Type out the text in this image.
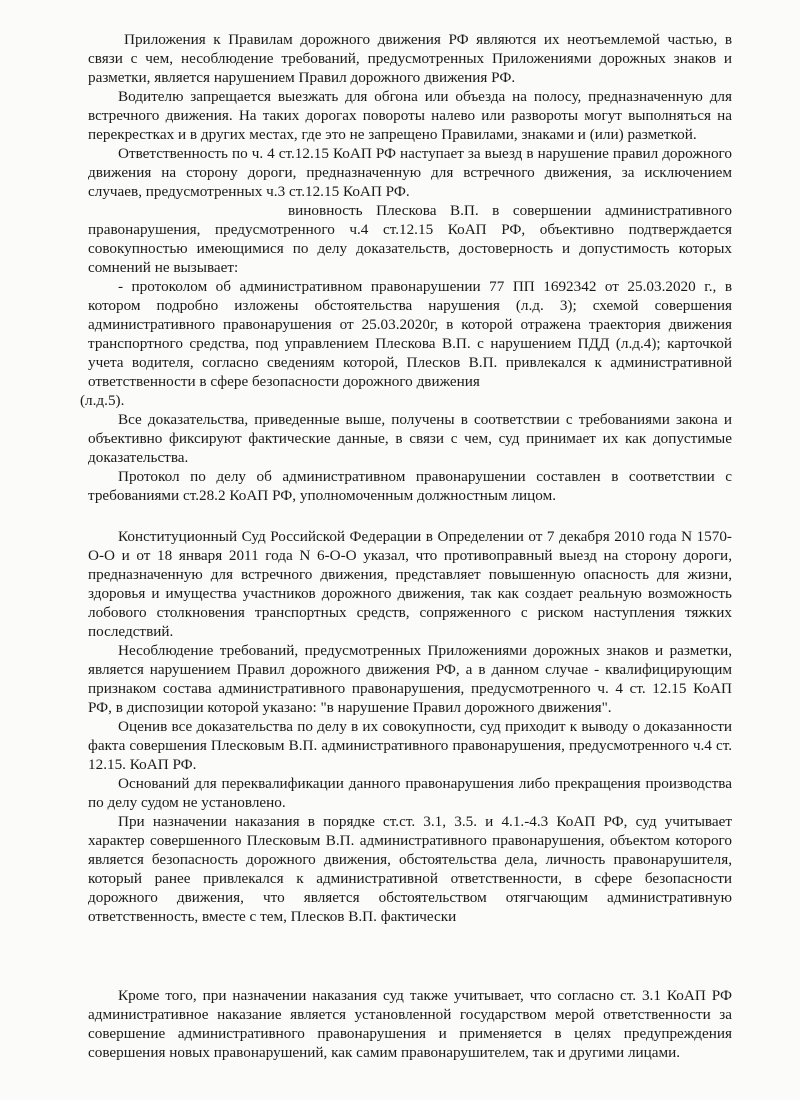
Приложения к Правилам дорожного движения РФ являются их неотъемлемой частью, в связи с чем, несоблюдение требований, предусмотренных Приложениями дорожных знаков и разметки, является нарушением Правил дорожного движения РФ.

Водителю запрещается выезжать для обгона или объезда на полосу, предназначенную для встречного движения. На таких дорогах повороты налево или развороты могут выполняться на перекрестках и в других местах, где это не запрещено Правилами, знаками и (или) разметкой.

Ответственность по ч. 4 ст.12.15 КоАП РФ наступает за выезд в нарушение правил дорожного движения на сторону дороги, предназначенную для встречного движения, за исключением случаев, предусмотренных ч.3 ст.12.15 КоАП РФ.

виновность Плескова В.П. в совершении административного правонарушения, предусмотренного ч.4 ст.12.15 КоАП РФ, объективно подтверждается совокупностью имеющимися по делу доказательств, достоверность и допустимость которых сомнений не вызывает:

- протоколом об административном правонарушении 77 ПП 1692342 от 25.03.2020 г., в котором подробно изложены обстоятельства нарушения (л.д. 3); схемой совершения административного правонарушения от 25.03.2020г, в которой отражена траектория движения транспортного средства, под управлением Плескова В.П. с нарушением ПДД (л.д.4); карточкой учета водителя, согласно сведениям которой, Плесков В.П. привлекался к административной ответственности в сфере безопасности дорожного движения

(л.д.5).

Все доказательства, приведенные выше, получены в соответствии с требованиями закона и объективно фиксируют фактические данные, в связи с чем, суд принимает их как допустимые доказательства.

Протокол по делу об административном правонарушении составлен в соответствии с требованиями ст.28.2 КоАП РФ, уполномоченным должностным лицом.

Конституционный Суд Российской Федерации в Определении от 7 декабря 2010 года N 1570-О-О и от 18 января 2011 года N 6-О-О указал, что противоправный выезд на сторону дороги, предназначенную для встречного движения, представляет повышенную опасность для жизни, здоровья и имущества участников дорожного движения, так как создает реальную возможность лобового столкновения транспортных средств, сопряженного с риском наступления тяжких последствий.

Несоблюдение требований, предусмотренных Приложениями дорожных знаков и разметки, является нарушением Правил дорожного движения РФ, а в данном случае - квалифицирующим признаком состава административного правонарушения, предусмотренного ч. 4 ст. 12.15 КоАП РФ, в диспозиции которой указано: "в нарушение Правил дорожного движения".

Оценив все доказательства по делу в их совокупности, суд приходит к выводу о доказанности факта совершения Плесковым В.П. административного правонарушения, предусмотренного ч.4 ст. 12.15. КоАП РФ.

Оснований для переквалификации данного правонарушения либо прекращения производства по делу судом не установлено.

При назначении наказания в порядке ст.ст. 3.1, 3.5. и 4.1.-4.3 КоАП РФ, суд учитывает характер совершенного Плесковым В.П. административного правонарушения, объектом которого является безопасность дорожного движения, обстоятельства дела, личность правонарушителя, который ранее привлекался к административной ответственности, в сфере безопасности дорожного движения, что является обстоятельством отягчающим административную ответственность, вместе с тем, Плесков В.П. фактически

Кроме того, при назначении наказания суд также учитывает, что согласно ст. 3.1 КоАП РФ административное наказание является установленной государством мерой ответственности за совершение административного правонарушения и применяется в целях предупреждения совершения новых правонарушений, как самим правонарушителем, так и другими лицами.
